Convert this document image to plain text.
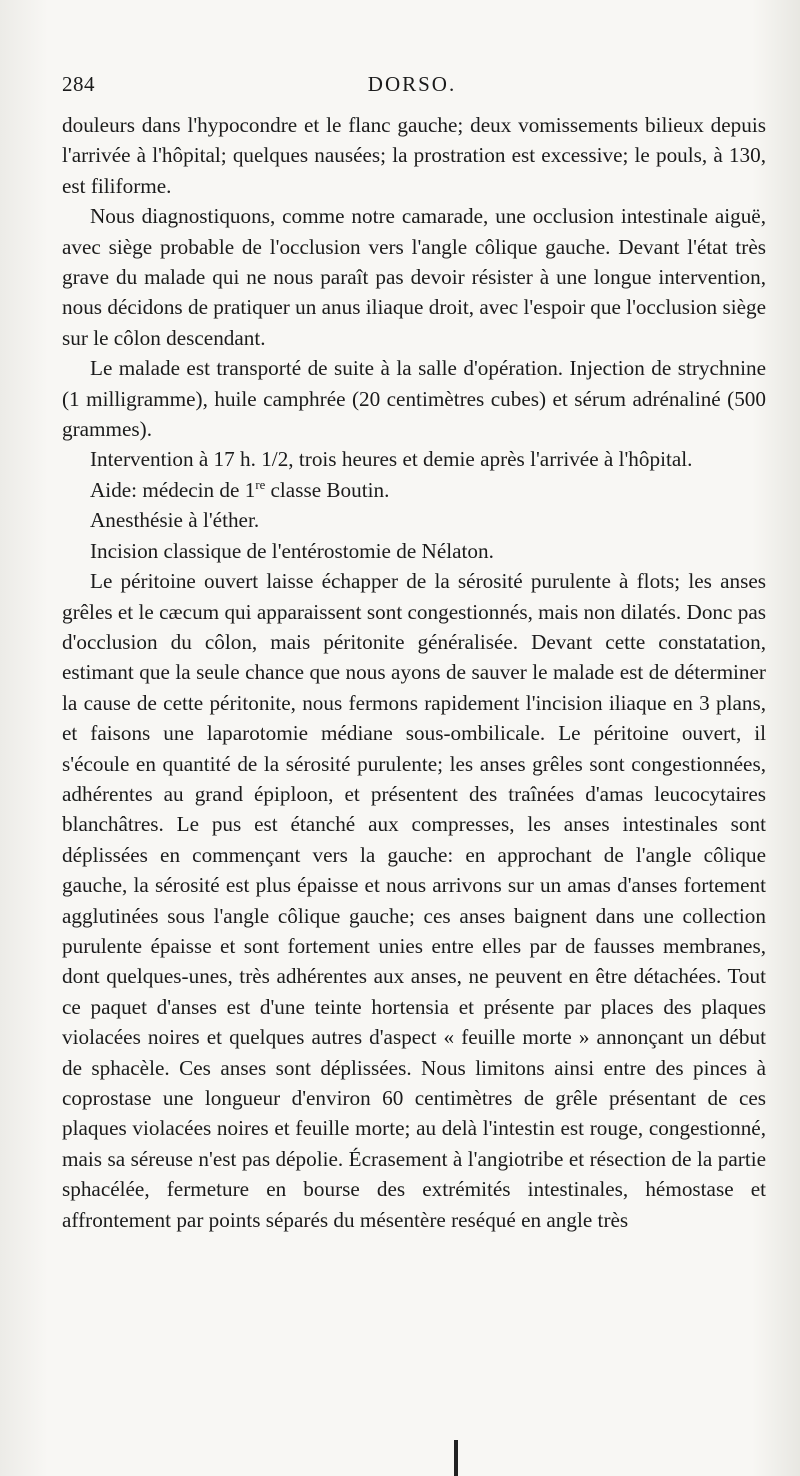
284	DORSO.

douleurs dans l'hypocondre et le flanc gauche; deux vomissements bilieux depuis l'arrivée à l'hôpital; quelques nausées; la prostration est excessive; le pouls, à 130, est filiforme.

Nous diagnostiquons, comme notre camarade, une occlusion intestinale aiguë, avec siège probable de l'occlusion vers l'angle côlique gauche. Devant l'état très grave du malade qui ne nous paraît pas devoir résister à une longue intervention, nous décidons de pratiquer un anus iliaque droit, avec l'espoir que l'occlusion siège sur le côlon descendant.

Le malade est transporté de suite à la salle d'opération. Injection de strychnine (1 milligramme), huile camphrée (20 centimètres cubes) et sérum adrénaliné (500 grammes).

Intervention à 17 h. 1/2, trois heures et demie après l'arrivée à l'hôpital.

Aide: médecin de 1re classe Boutin.

Anesthésie à l'éther.

Incision classique de l'entérostomie de Nélaton.

Le péritoine ouvert laisse échapper de la sérosité purulente à flots; les anses grêles et le cæcum qui apparaissent sont congestionnés, mais non dilatés. Donc pas d'occlusion du côlon, mais péritonite généralisée. Devant cette constatation, estimant que la seule chance que nous ayons de sauver le malade est de déterminer la cause de cette péritonite, nous fermons rapidement l'incision iliaque en 3 plans, et faisons une laparotomie médiane sous-ombilicale. Le péritoine ouvert, il s'écoule en quantité de la sérosité purulente; les anses grêles sont congestionnées, adhérentes au grand épiploon, et présentent des traînées d'amas leucocytaires blanchâtres. Le pus est étanché aux compresses, les anses intestinales sont déplissées en commençant vers la gauche: en approchant de l'angle côlique gauche, la sérosité est plus épaisse et nous arrivons sur un amas d'anses fortement agglutinées sous l'angle côlique gauche; ces anses baignent dans une collection purulente épaisse et sont fortement unies entre elles par de fausses membranes, dont quelques-unes, très adhérentes aux anses, ne peuvent en être détachées. Tout ce paquet d'anses est d'une teinte hortensia et présente par places des plaques violacées noires et quelques autres d'aspect « feuille morte » annonçant un début de sphacèle. Ces anses sont déplissées. Nous limitons ainsi entre des pinces à coprostase une longueur d'environ 60 centimètres de grêle présentant de ces plaques violacées noires et feuille morte; au delà l'intestin est rouge, congestionné, mais sa séreuse n'est pas dépolie. Écrasement à l'angiotribe et résection de la partie sphacélée, fermeture en bourse des extrémités intestinales, hémostase et affrontement par points séparés du mésentère reséqué en angle très
